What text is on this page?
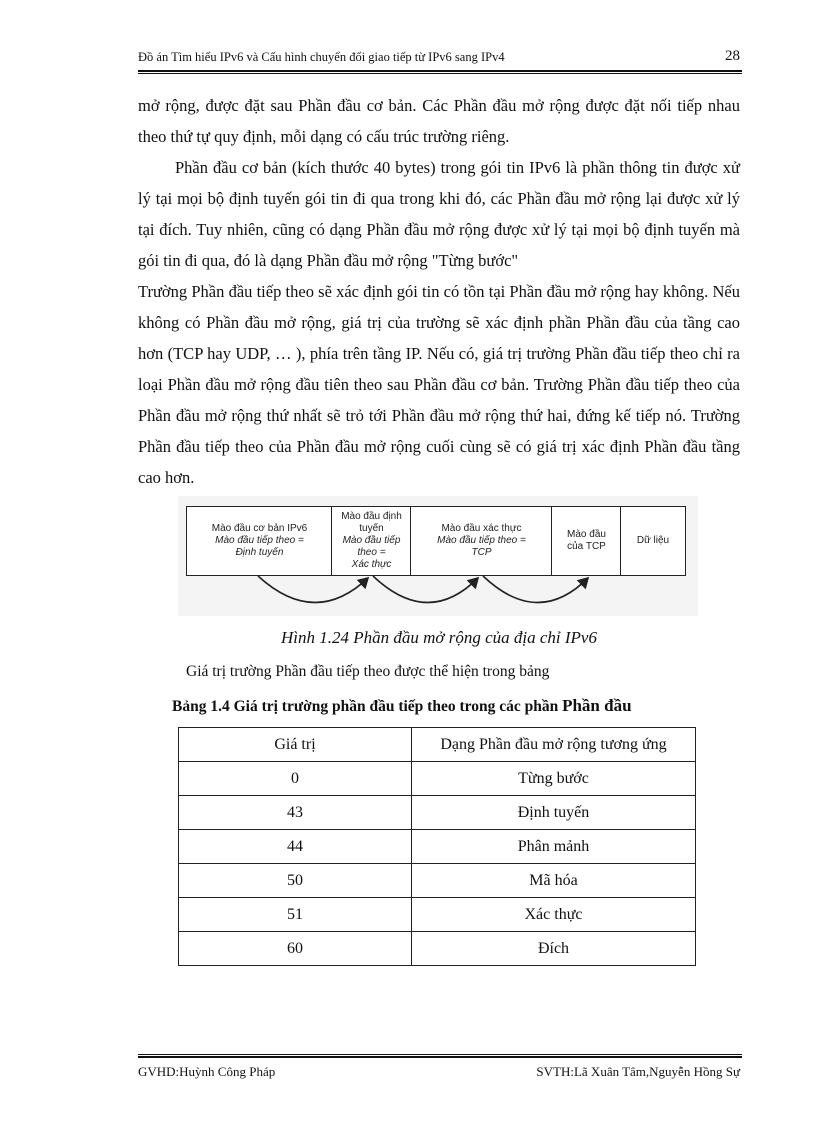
Đồ án Tìm hiểu IPv6 và Cấu hình chuyển đổi giao tiếp từ IPv6 sang IPv4	28

mở rộng, được đặt sau Phần đầu cơ bản. Các Phần đầu mở rộng được đặt nối tiếp nhau theo thứ tự quy định, mỗi dạng có cấu trúc trường riêng.

Phần đầu cơ bản (kích thước 40 bytes) trong gói tin IPv6 là phần thông tin được xử lý tại mọi bộ định tuyến gói tin đi qua trong khi đó, các Phần đầu mở rộng lại được xử lý tại đích. Tuy nhiên, cũng có dạng Phần đầu mở rộng được xử lý tại mọi bộ định tuyến mà gói tin đi qua, đó là dạng Phần đầu mở rộng "Từng bước"

Trường Phần đầu tiếp theo sẽ xác định gói tin có tồn tại Phần đầu mở rộng hay không. Nếu không có Phần đầu mở rộng, giá trị của trường sẽ xác định phần Phần đầu của tầng cao hơn (TCP hay UDP, … ), phía trên tầng IP. Nếu có, giá trị trường Phần đầu tiếp theo chỉ ra loại Phần đầu mở rộng đầu tiên theo sau Phần đầu cơ bản. Trường Phần đầu tiếp theo của Phần đầu mở rộng thứ nhất sẽ trỏ tới Phần đầu mở rộng thứ hai, đứng kế tiếp nó. Trường Phần đầu tiếp theo của Phần đầu mở rộng cuối cùng sẽ có giá trị xác định Phần đầu tầng cao hơn.

Mào đầu cơ bản IPv6
Mào đầu tiếp theo =
Định tuyến
Mào đầu định tuyến
Mào đầu tiếp theo =
Xác thực
Mào đầu xác thực
Mào đầu tiếp theo =
TCP
Mào đầu
của TCP
Dữ liệu
Hình 1.24 Phần đầu mở rộng của địa chỉ IPv6
Giá trị trường Phần đầu tiếp theo được thể hiện trong bảng
Bảng 1.4 Giá trị trường phần đầu tiếp theo trong các phần Phần đầu
Giá trị	Dạng Phần đầu mở rộng tương ứng
0	Từng bước
43	Định tuyến
44	Phân mảnh
50	Mã hóa
51	Xác thực
60	Đích
GVHD:Huỳnh Công Pháp	SVTH:Lã Xuân Tâm,Nguyễn Hồng Sự
